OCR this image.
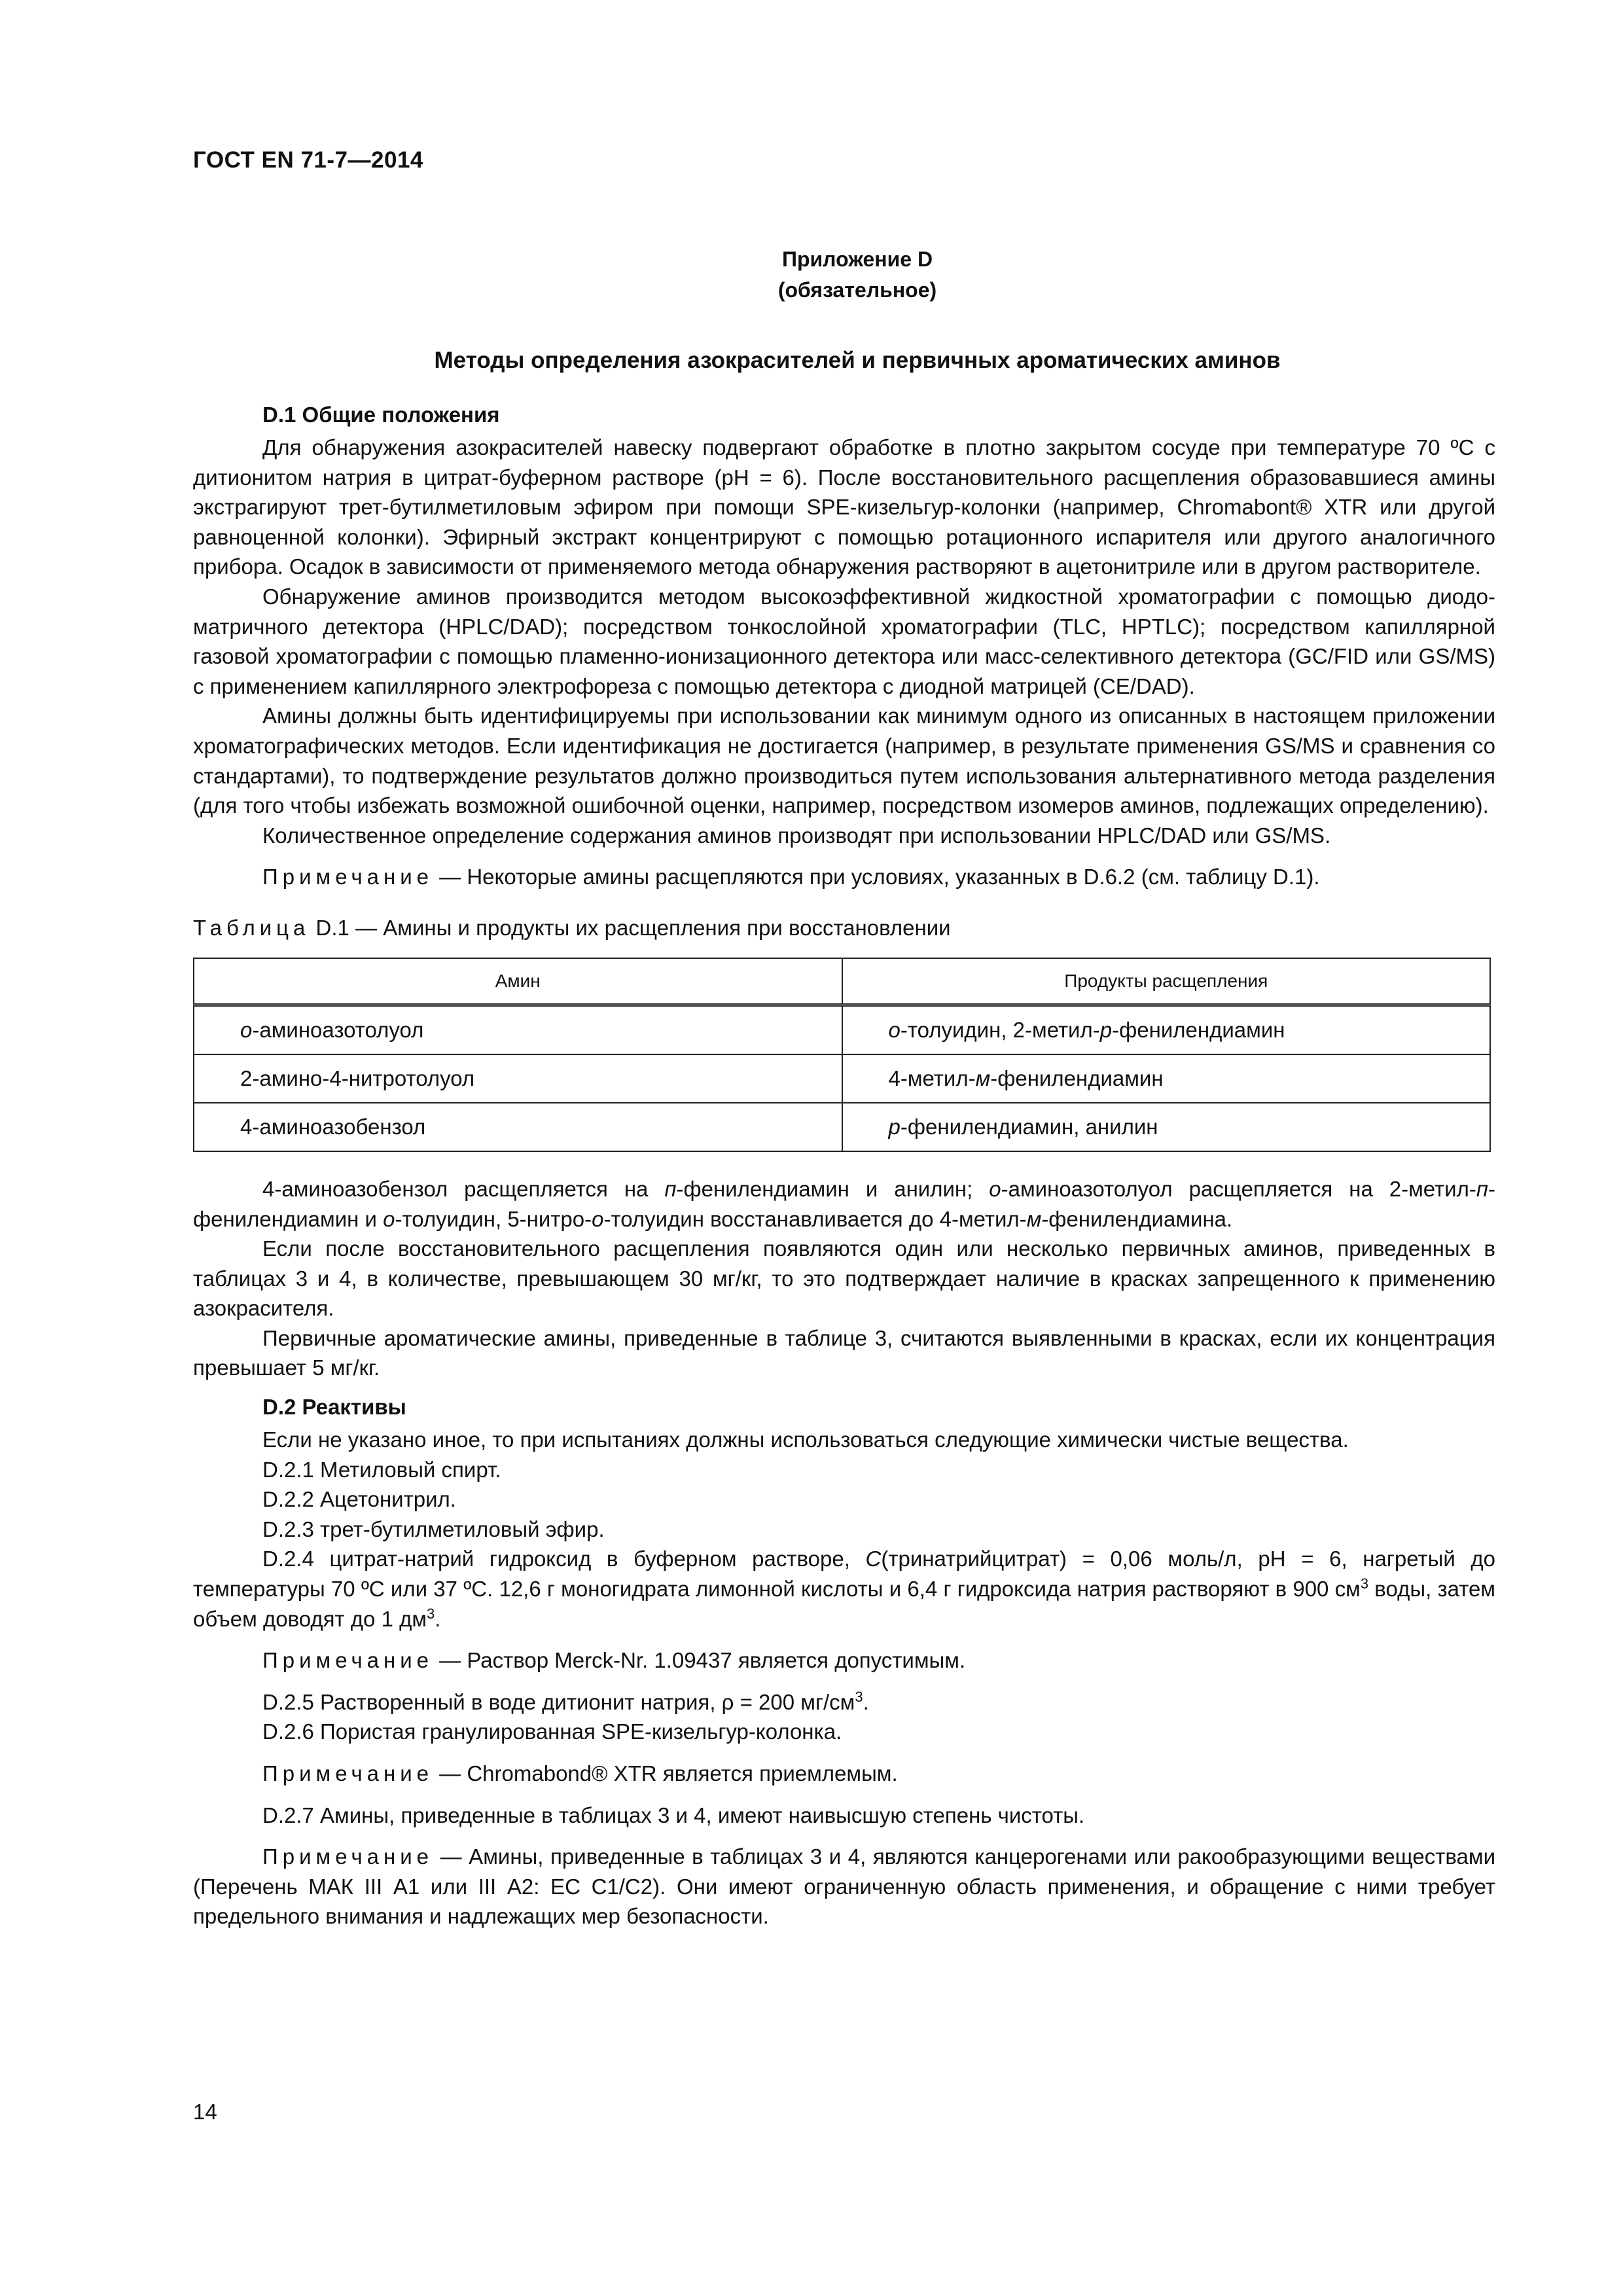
ГОСТ EN 71-7—2014
Приложение D
(обязательное)
Методы определения азокрасителей и первичных ароматических аминов
D.1 Общие положения

Для обнаружения азокрасителей навеску подвергают обработке в плотно закрытом сосуде при температуре 70 ºС с дитионитом натрия в цитрат-буферном растворе (рН = 6). После восстановительного расщепления образовавшиеся амины экстрагируют трет-бутилметиловым эфиром при помощи SPE-кизельгур-колонки (например, Chromabont® XTR или другой равноценной колонки). Эфирный экстракт концентрируют с помощью ротационного испарителя или другого аналогичного прибора. Осадок в зависимости от применяемого метода обнаружения растворяют в ацетонитриле или в другом растворителе.

Обнаружение аминов производится методом высокоэффективной жидкостной хроматографии с помощью диодо-матричного детектора (HPLC/DAD); посредством тонкослойной хроматографии (TLC, HPTLC); посредством капиллярной газовой хроматографии с помощью пламенно-ионизационного детектора или масс-селективного детектора (GC/FID или GS/MS) с применением капиллярного электрофореза с помощью детектора с диодной матрицей (CE/DAD).

Амины должны быть идентифицируемы при использовании как минимум одного из описанных в настоящем приложении хроматографических методов. Если идентификация не достигается (например, в результате применения GS/MS и сравнения со стандартами), то подтверждение результатов должно производиться путем использования альтернативного метода разделения (для того чтобы избежать возможной ошибочной оценки, например, посредством изомеров аминов, подлежащих определению).

Количественное определение содержания аминов производят при использовании HPLC/DAD или GS/MS.

Примечание — Некоторые амины расщепляются при условиях, указанных в D.6.2 (см. таблицу D.1).

Таблица D.1 — Амины и продукты их расщепления при восстановлении
Амин	Продукты расщепления
о-аминоазотолуол	о-толуидин, 2-метил-р-фенилендиамин
2-амино-4-нитротолуол	4-метил-м-фенилендиамин
4-аминоазобензол	р-фенилендиамин, анилин

4-аминоазобензол расщепляется на п-фенилендиамин и анилин; о-аминоазотолуол расщепляется на 2-метил-п-фенилендиамин и о-толуидин, 5-нитро-о-толуидин восстанавливается до 4-метил-м-фенилендиамина.

Если после восстановительного расщепления появляются один или несколько первичных аминов, приведенных в таблицах 3 и 4, в количестве, превышающем 30 мг/кг, то это подтверждает наличие в красках запрещенного к применению азокрасителя.

Первичные ароматические амины, приведенные в таблице 3, считаются выявленными в красках, если их концентрация превышает 5 мг/кг.

D.2 Реактивы

Если не указано иное, то при испытаниях должны использоваться следующие химически чистые вещества.

D.2.1 Метиловый спирт.

D.2.2 Ацетонитрил.

D.2.3 трет-бутилметиловый эфир.

D.2.4 цитрат-натрий гидроксид в буферном растворе, С(тринатрийцитрат) = 0,06 моль/л, рН = 6, нагретый до температуры 70 ºС или 37 ºС. 12,6 г моногидрата лимонной кислоты и 6,4 г гидроксида натрия растворяют в 900 $см^3$ воды, затем объем доводят до 1 $дм^3$.

Примечание — Раствор Merck-Nr. 1.09437 является допустимым.

D.2.5 Растворенный в воде дитионит натрия, ρ = 200 $мг/см^3$.

D.2.6 Пористая гранулированная SPE-кизельгур-колонка.

Примечание — Chromabond® XTR является приемлемым.

D.2.7 Амины, приведенные в таблицах 3 и 4, имеют наивысшую степень чистоты.

Примечание — Амины, приведенные в таблицах 3 и 4, являются канцерогенами или ракообразующими веществами (Перечень МАК III А1 или III А2: EC C1/C2). Они имеют ограниченную область применения, и обращение с ними требует предельного внимания и надлежащих мер безопасности.

14
